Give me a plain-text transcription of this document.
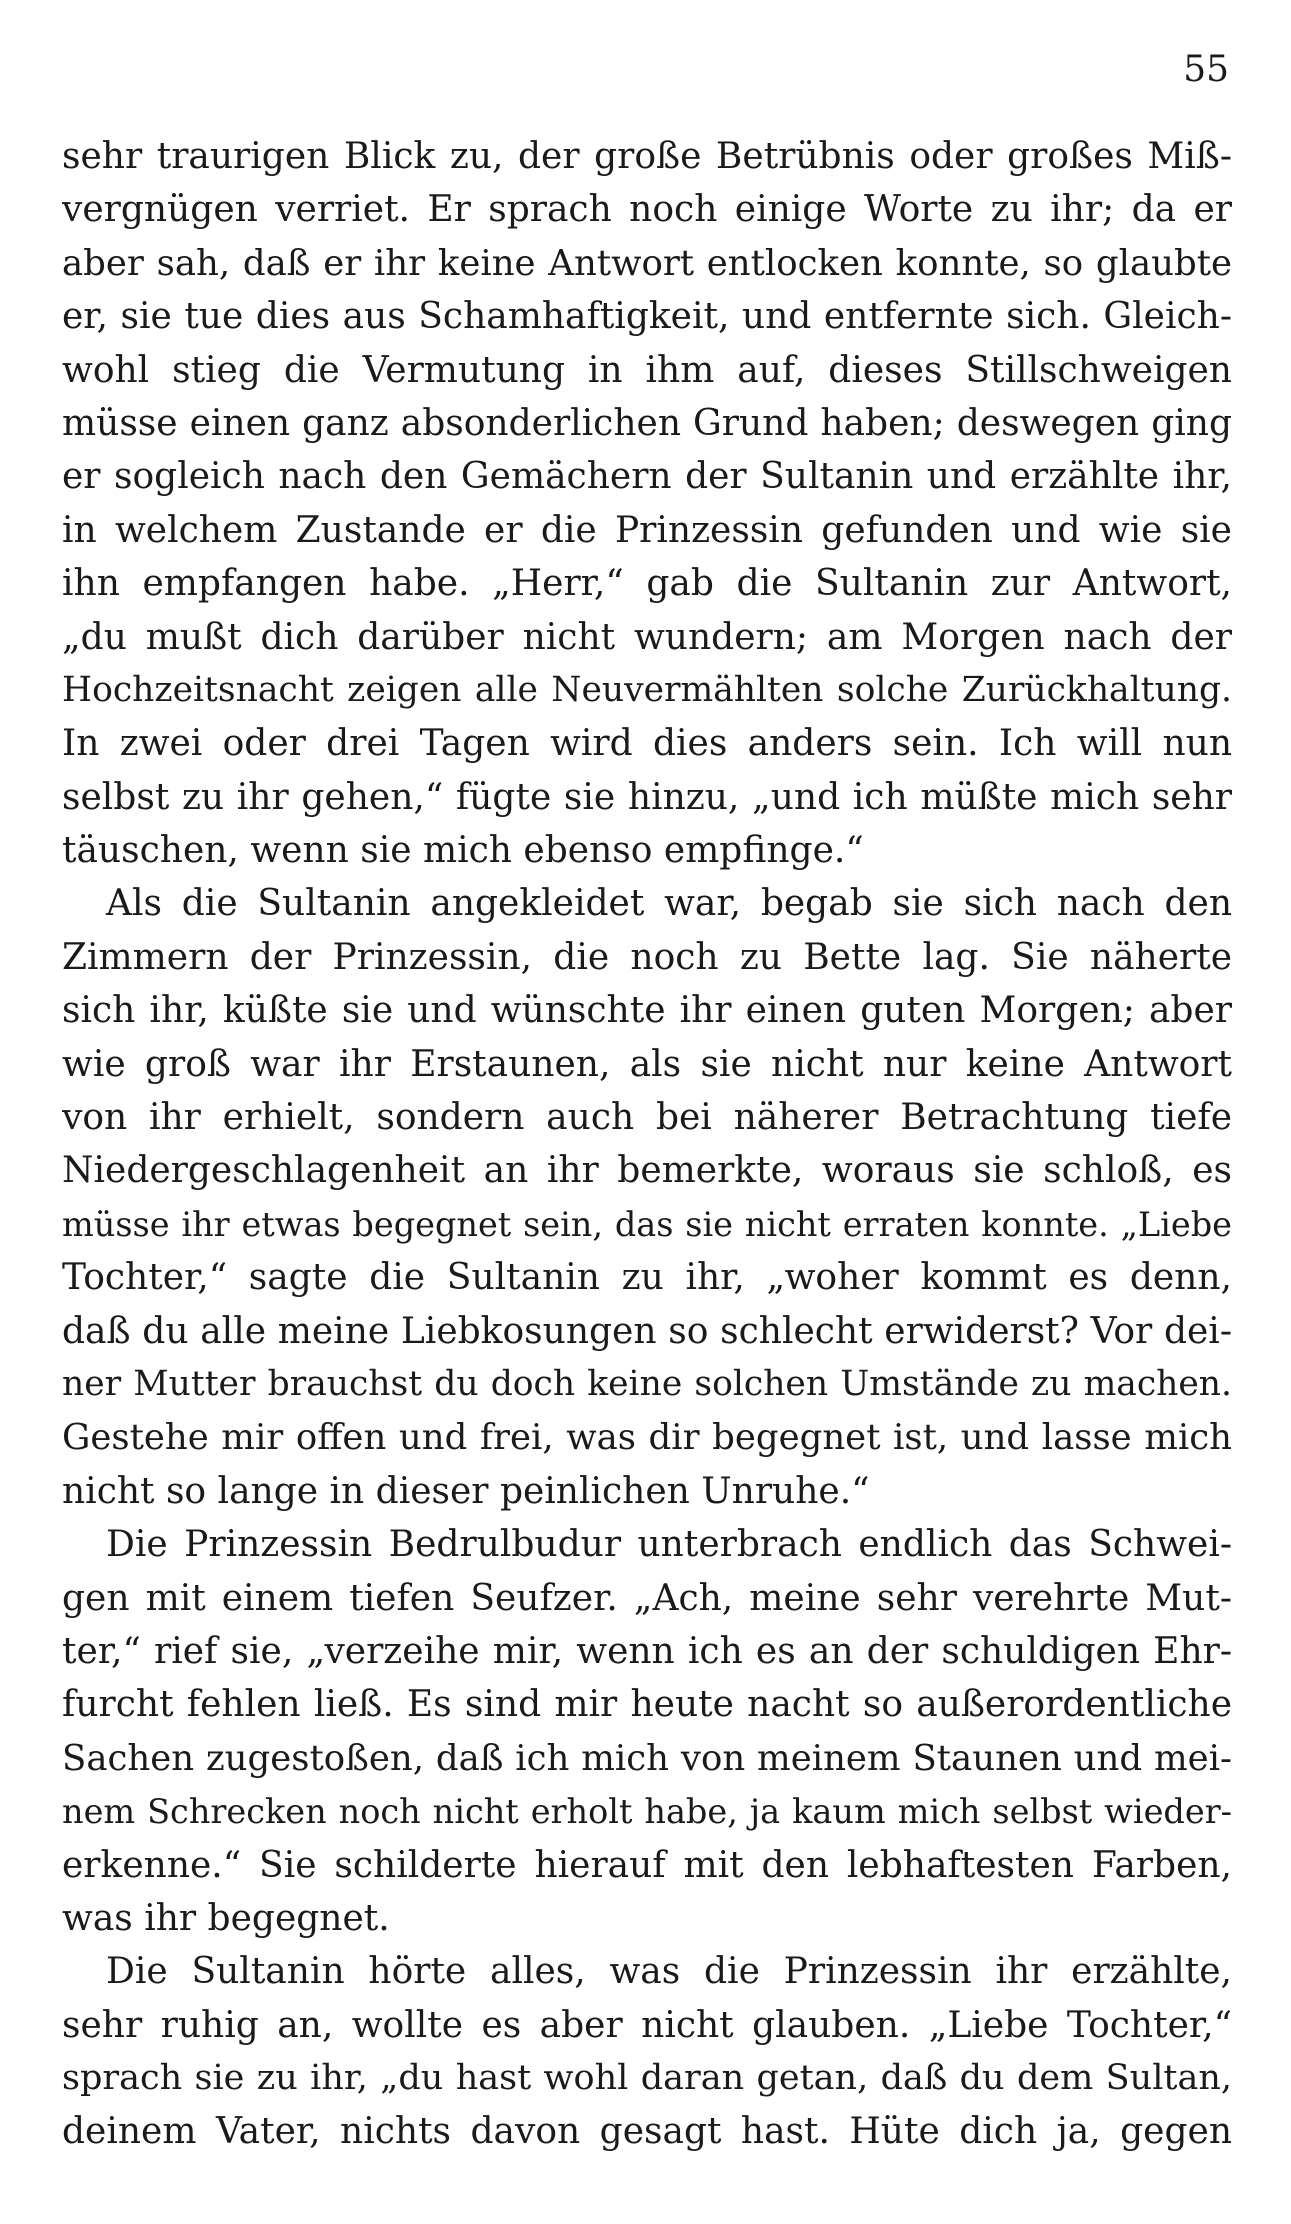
55
sehr traurigen Blick zu, der große Betrübnis oder großes Miß-
vergnügen verriet. Er sprach noch einige Worte zu ihr; da er
aber sah, daß er ihr keine Antwort entlocken konnte, so glaubte
er, sie tue dies aus Schamhaftigkeit, und entfernte sich. Gleich-
wohl stieg die Vermutung in ihm auf, dieses Stillschweigen
müsse einen ganz absonderlichen Grund haben; deswegen ging
er sogleich nach den Gemächern der Sultanin und erzählte ihr,
in welchem Zustande er die Prinzessin gefunden und wie sie
ihn empfangen habe. „Herr,“ gab die Sultanin zur Antwort,
„du mußt dich darüber nicht wundern; am Morgen nach der
Hochzeitsnacht zeigen alle Neuvermählten solche Zurückhaltung.
In zwei oder drei Tagen wird dies anders sein. Ich will nun
selbst zu ihr gehen,“ fügte sie hinzu, „und ich müßte mich sehr
täuschen, wenn sie mich ebenso empfinge.“
Als die Sultanin angekleidet war, begab sie sich nach den
Zimmern der Prinzessin, die noch zu Bette lag. Sie näherte
sich ihr, küßte sie und wünschte ihr einen guten Morgen; aber
wie groß war ihr Erstaunen, als sie nicht nur keine Antwort
von ihr erhielt, sondern auch bei näherer Betrachtung tiefe
Niedergeschlagenheit an ihr bemerkte, woraus sie schloß, es
müsse ihr etwas begegnet sein, das sie nicht erraten konnte. „Liebe
Tochter,“ sagte die Sultanin zu ihr, „woher kommt es denn,
daß du alle meine Liebkosungen so schlecht erwiderst? Vor dei-
ner Mutter brauchst du doch keine solchen Umstände zu machen.
Gestehe mir offen und frei, was dir begegnet ist, und lasse mich
nicht so lange in dieser peinlichen Unruhe.“
Die Prinzessin Bedrulbudur unterbrach endlich das Schwei-
gen mit einem tiefen Seufzer. „Ach, meine sehr verehrte Mut-
ter,“ rief sie, „verzeihe mir, wenn ich es an der schuldigen Ehr-
furcht fehlen ließ. Es sind mir heute nacht so außerordentliche
Sachen zugestoßen, daß ich mich von meinem Staunen und mei-
nem Schrecken noch nicht erholt habe, ja kaum mich selbst wieder-
erkenne.“ Sie schilderte hierauf mit den lebhaftesten Farben,
was ihr begegnet.
Die Sultanin hörte alles, was die Prinzessin ihr erzählte,
sehr ruhig an, wollte es aber nicht glauben. „Liebe Tochter,“
sprach sie zu ihr, „du hast wohl daran getan, daß du dem Sultan,
deinem Vater, nichts davon gesagt hast. Hüte dich ja, gegen
